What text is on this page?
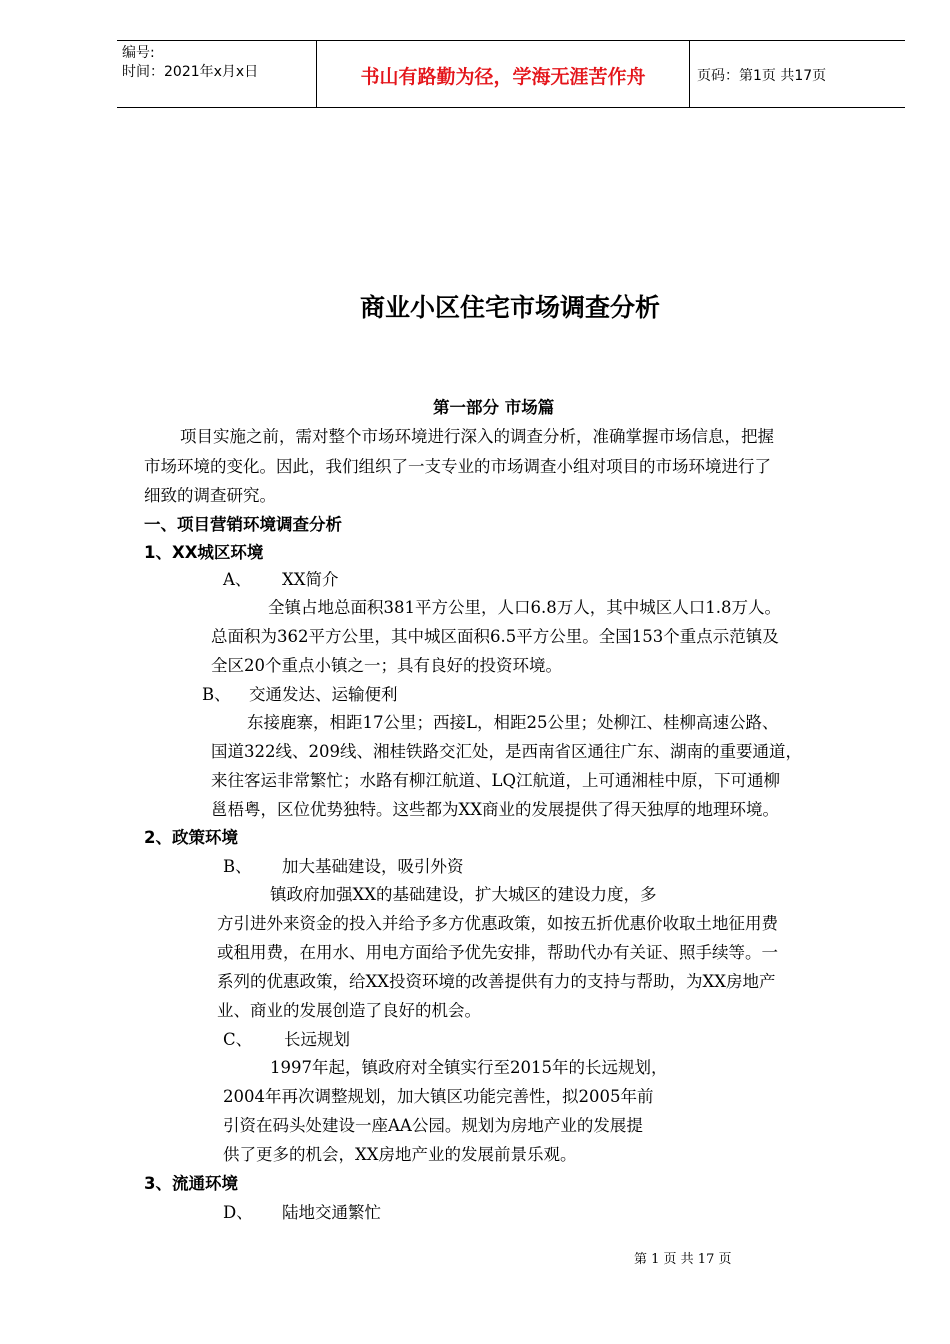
编号:
时间：2021年x月x日	书山有路勤为径，学海无涯苦作舟	页码：第1页 共17页
商业小区住宅市场调查分析
第一部分 市场篇
项目实施之前，需对整个市场环境进行深入的调查分析，准确掌握市场信息，把握
市场环境的变化。因此，我们组织了一支专业的市场调查小组对项目的市场环境进行了
细致的调查研究。
一、项目营销环境调查分析
1、XX城区环境
A、 XX简介
全镇占地总面积381平方公里，人口6.8万人，其中城区人口1.8万人。
总面积为362平方公里，其中城区面积6.5平方公里。全国153个重点示范镇及
全区20个重点小镇之一；具有良好的投资环境。
B、 交通发达、运输便利
东接鹿寨，相距17公里；西接L，相距25公里；处柳江、桂柳高速公路、
国道322线、209线、湘桂铁路交汇处，是西南省区通往广东、湖南的重要通道，
来往客运非常繁忙；水路有柳江航道、LQ江航道，上可通湘桂中原，下可通柳
邕梧粤，区位优势独特。这些都为XX商业的发展提供了得天独厚的地理环境。
2、政策环境
B、 加大基础建设，吸引外资
镇政府加强XX的基础建设，扩大城区的建设力度，多
方引进外来资金的投入并给予多方优惠政策，如按五折优惠价收取土地征用费
或租用费，在用水、用电方面给予优先安排，帮助代办有关证、照手续等。一
系列的优惠政策，给XX投资环境的改善提供有力的支持与帮助，为XX房地产
业、商业的发展创造了良好的机会。
C、 长远规划
1997年起，镇政府对全镇实行至2015年的长远规划，
2004年再次调整规划，加大镇区功能完善性，拟2005年前
引资在码头处建设一座AA公园。规划为房地产业的发展提
供了更多的机会，XX房地产业的发展前景乐观。
3、流通环境
D、 陆地交通繁忙
第 1 页 共 17 页
